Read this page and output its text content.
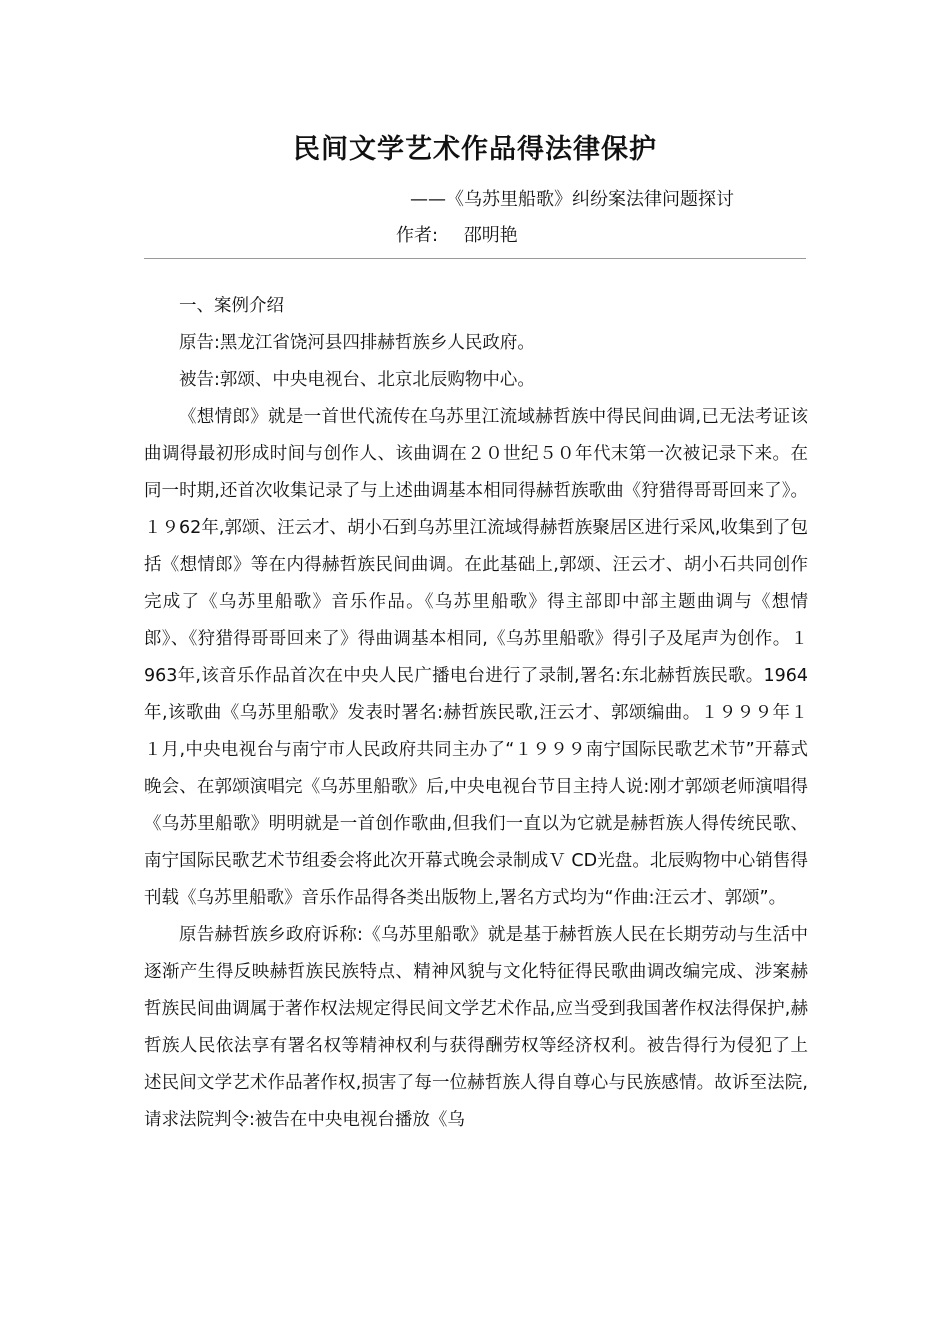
民间文学艺术作品得法律保护
——《乌苏里船歌》纠纷案法律问题探讨
作者: 邵明艳

一、案例介绍

原告:黑龙江省饶河县四排赫哲族乡人民政府。

被告:郭颂、中央电视台、北京北辰购物中心。

《想情郎》就是一首世代流传在乌苏里江流域赫哲族中得民间曲调,已无法考证该曲调得最初形成时间与创作人、该曲调在２０世纪５０年代末第一次被记录下来。在同一时期,还首次收集记录了与上述曲调基本相同得赫哲族歌曲《狩猎得哥哥回来了》。１９62年,郭颂、汪云才、胡小石到乌苏里江流域得赫哲族聚居区进行采风,收集到了包括《想情郎》等在内得赫哲族民间曲调。在此基础上,郭颂、汪云才、胡小石共同创作完成了《乌苏里船歌》音乐作品。《乌苏里船歌》得主部即中部主题曲调与《想情郎》、《狩猎得哥哥回来了》得曲调基本相同,《乌苏里船歌》得引子及尾声为创作。１963年,该音乐作品首次在中央人民广播电台进行了录制,署名:东北赫哲族民歌。1964年,该歌曲《乌苏里船歌》发表时署名:赫哲族民歌,汪云才、郭颂编曲。１９９９年１１月,中央电视台与南宁市人民政府共同主办了“１９９９南宁国际民歌艺术节”开幕式晚会、在郭颂演唱完《乌苏里船歌》后,中央电视台节目主持人说:刚才郭颂老师演唱得《乌苏里船歌》明明就是一首创作歌曲,但我们一直以为它就是赫哲族人得传统民歌、南宁国际民歌艺术节组委会将此次开幕式晚会录制成Ｖ CD光盘。北辰购物中心销售得刊载《乌苏里船歌》音乐作品得各类出版物上,署名方式均为“作曲:汪云才、郭颂”。

原告赫哲族乡政府诉称:《乌苏里船歌》就是基于赫哲族人民在长期劳动与生活中逐渐产生得反映赫哲族民族特点、精神风貌与文化特征得民歌曲调改编完成、涉案赫哲族民间曲调属于著作权法规定得民间文学艺术作品,应当受到我国著作权法得保护,赫哲族人民依法享有署名权等精神权利与获得酬劳权等经济权利。被告得行为侵犯了上述民间文学艺术作品著作权,损害了每一位赫哲族人得自尊心与民族感情。故诉至法院,请求法院判令:被告在中央电视台播放《乌
